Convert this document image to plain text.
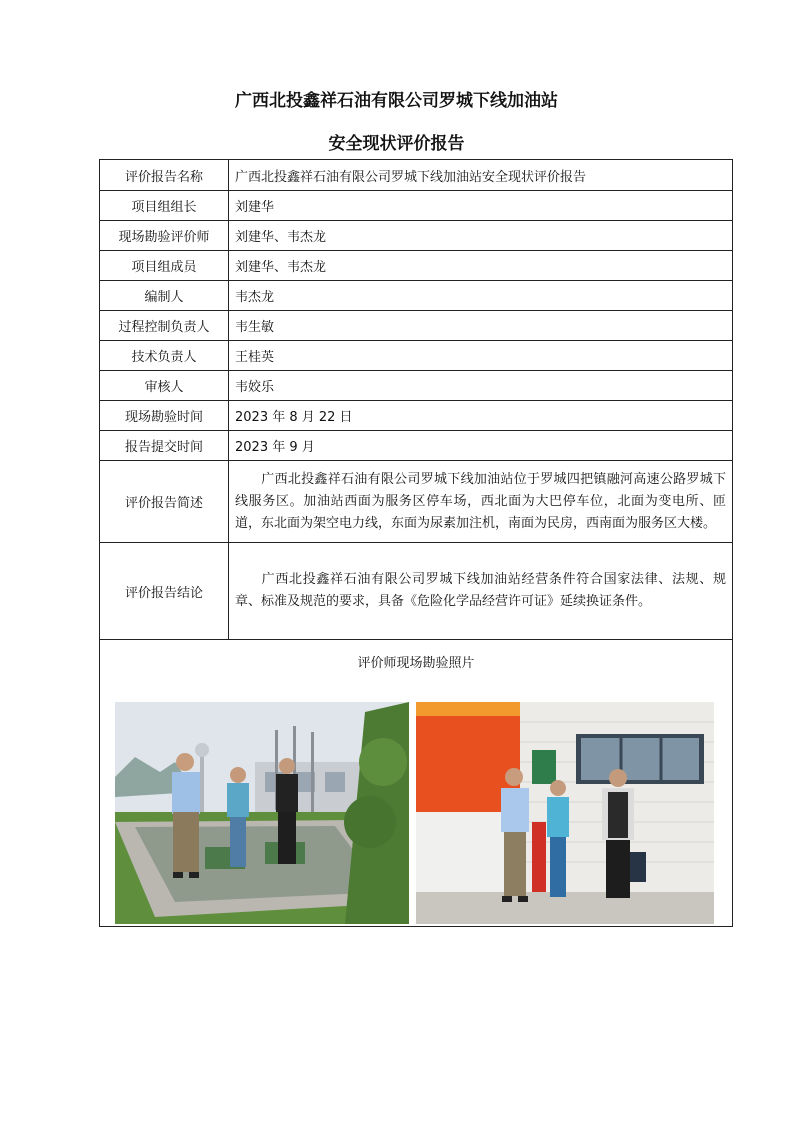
广西北投鑫祥石油有限公司罗城下线加油站
安全现状评价报告
评价报告名称	广西北投鑫祥石油有限公司罗城下线加油站安全现状评价报告
项目组组长	刘建华
现场勘验评价师	刘建华、韦杰龙
项目组成员	刘建华、韦杰龙
编制人	韦杰龙
过程控制负责人	韦生敏
技术负责人	王桂英
审核人	韦姣乐
现场勘验时间	2023 年 8 月 22 日
报告提交时间	2023 年 9 月
评价报告简述	广西北投鑫祥石油有限公司罗城下线加油站位于罗城四把镇融河高速公路罗城下线服务区。加油站西面为服务区停车场，西北面为大巴停车位，北面为变电所、匝道，东北面为架空电力线，东面为尿素加注机，南面为民房，西南面为服务区大楼。
评价报告结论	广西北投鑫祥石油有限公司罗城下线加油站经营条件符合国家法律、法规、规章、标准及规范的要求，具备《危险化学品经营许可证》延续换证条件。

评价师现场勘验照片	
